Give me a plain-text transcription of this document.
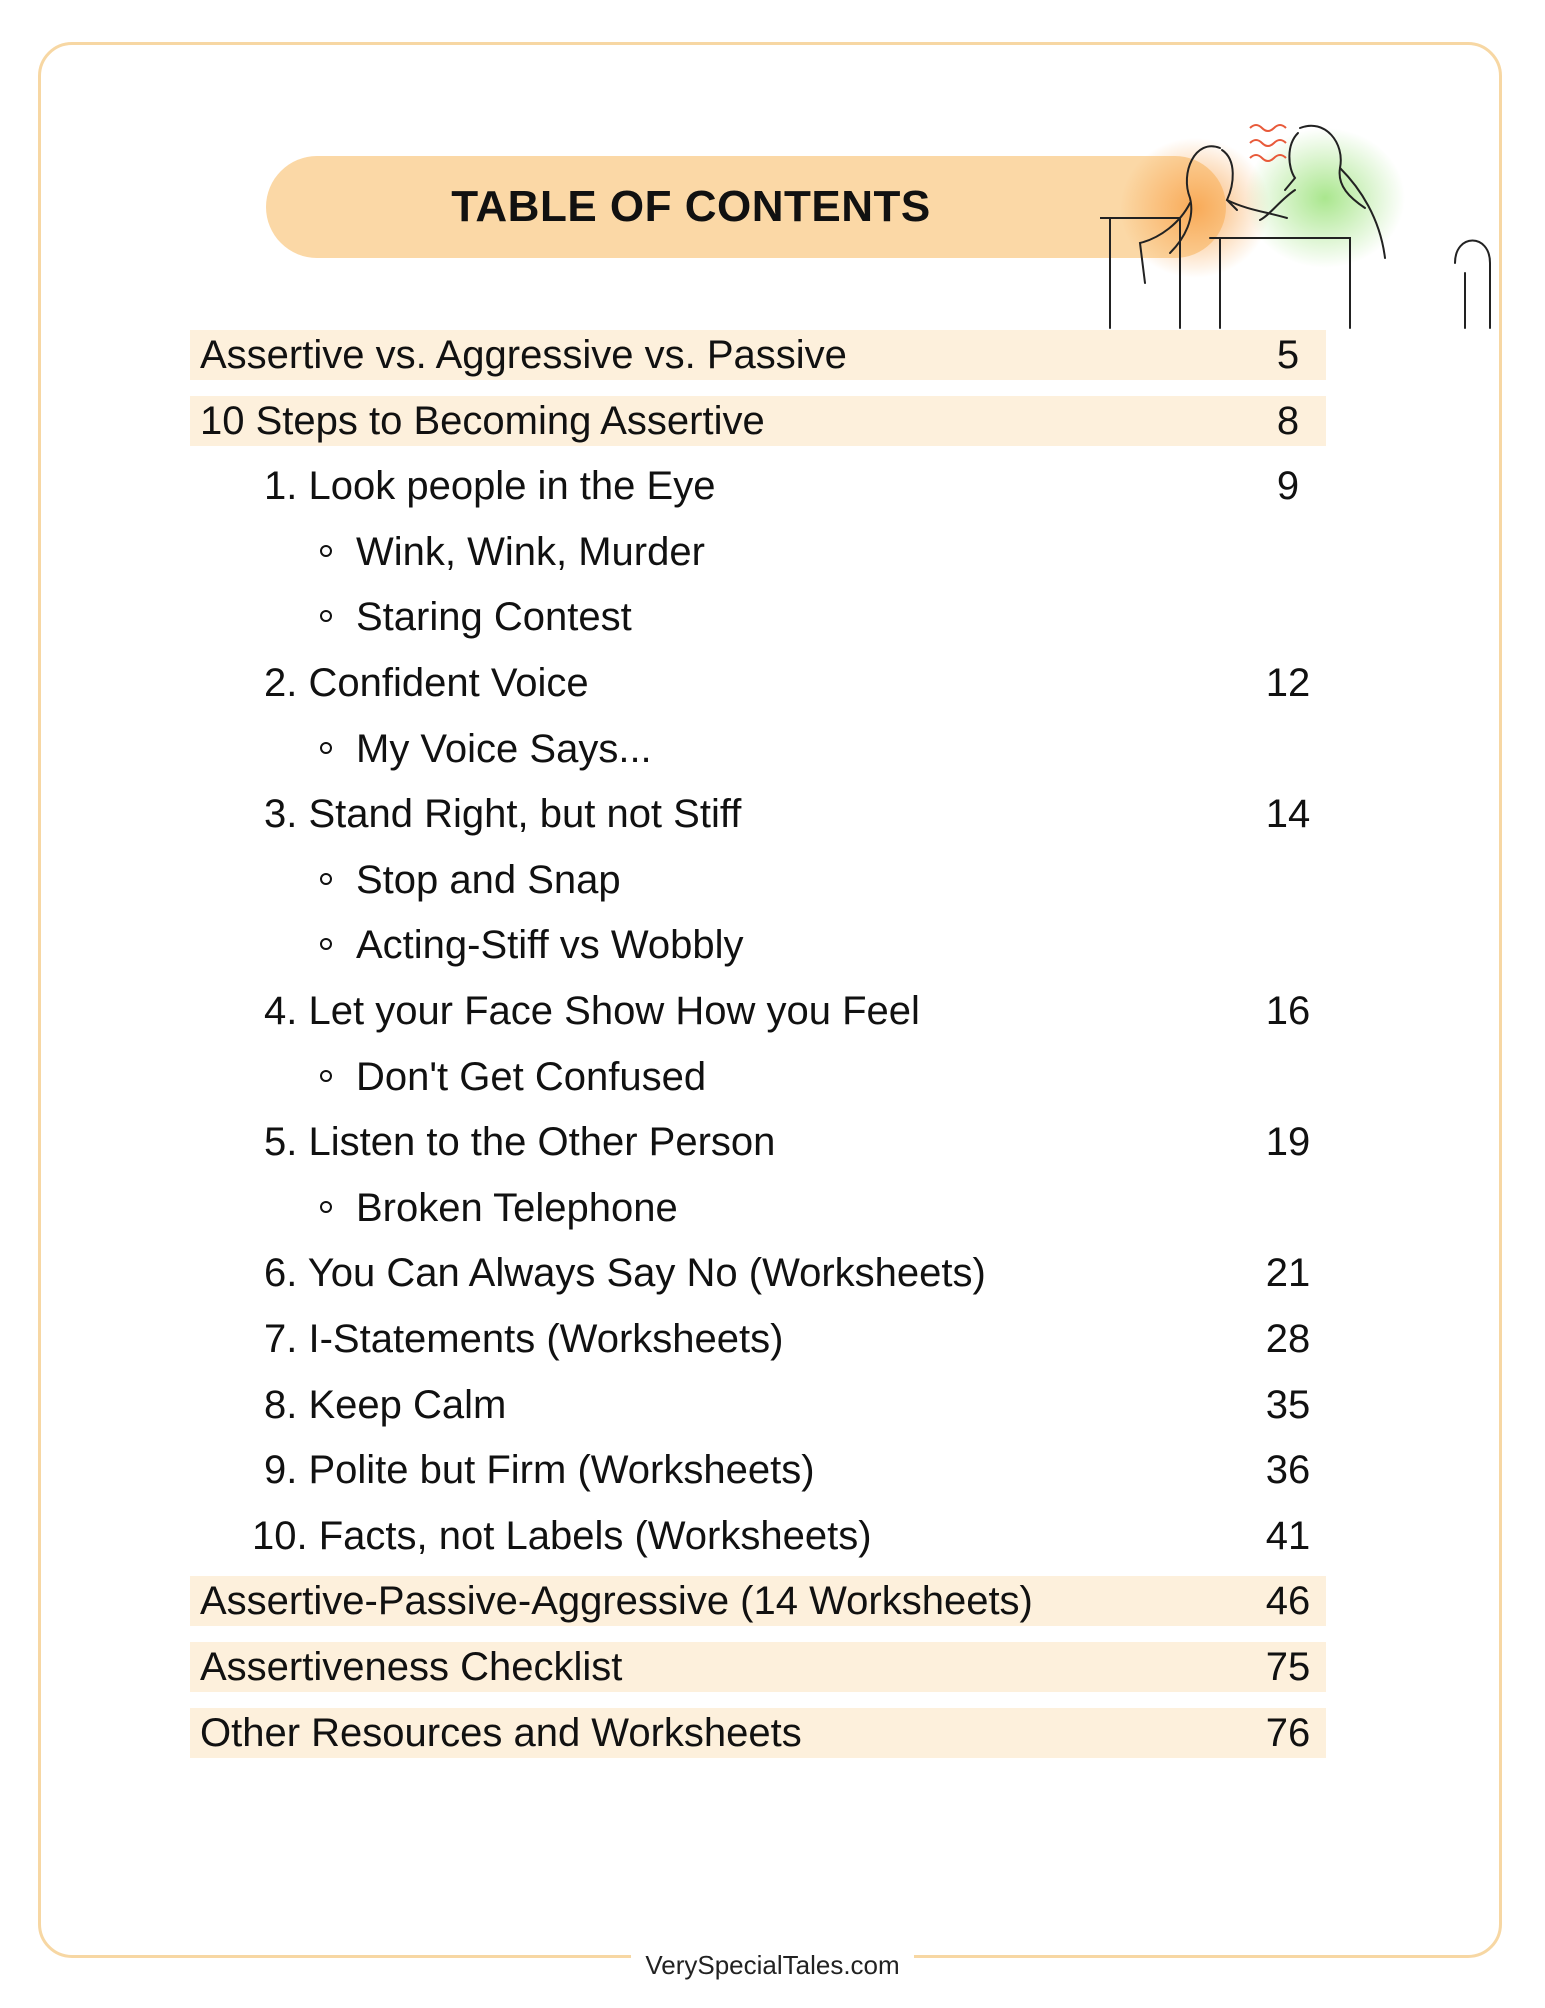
TABLE OF CONTENTS
Assertive vs. Aggressive vs. Passive	5
10 Steps to Becoming Assertive	8
1. Look people in the Eye	9
Wink, Wink, Murder
Staring Contest
2. Confident Voice	12
My Voice Says...
3. Stand Right, but not Stiff	14
Stop and Snap
Acting-Stiff vs Wobbly
4. Let your Face Show How you Feel	16
Don't Get Confused
5. Listen to the Other Person	19
Broken Telephone
6. You Can Always Say No (Worksheets)	21
7. I-Statements (Worksheets)	28
8. Keep Calm	35
9. Polite but Firm (Worksheets)	36
10. Facts, not Labels (Worksheets)	41
Assertive-Passive-Aggressive (14 Worksheets)	46
Assertiveness Checklist	75
Other Resources and Worksheets	76
VerySpecialTales.com
